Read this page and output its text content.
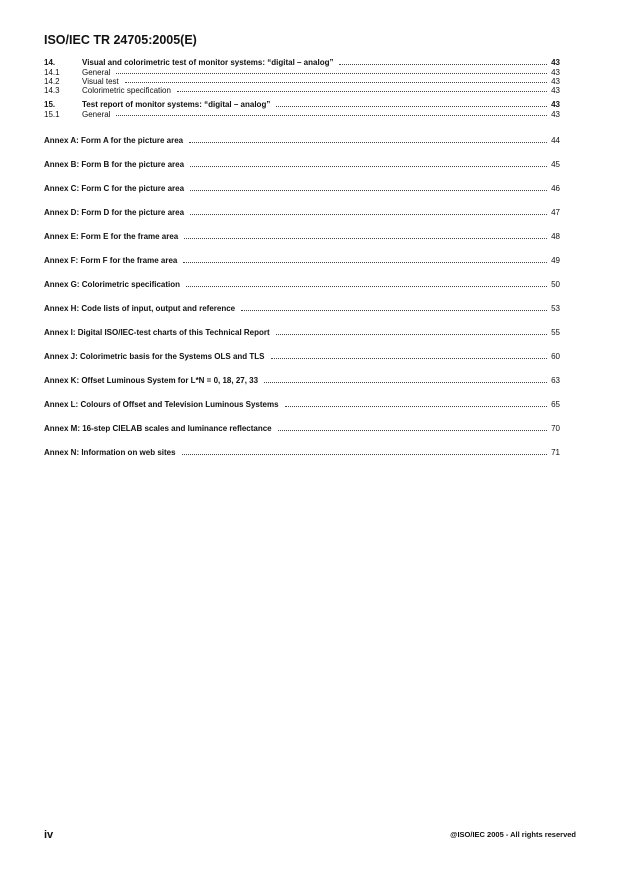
ISO/IEC TR 24705:2005(E)
14.	Visual and colorimetric test of monitor systems: “digital – analog”	43
14.1	General	43
14.2	Visual test	43
14.3	Colorimetric specification	43
15.	Test report of monitor systems: “digital – analog”	43
15.1	General	43
Annex A: Form A for the picture area	44
Annex B: Form B for the picture area	45
Annex C: Form C for the picture area	46
Annex D: Form D for the picture area	47
Annex E: Form E for the frame area	48
Annex F: Form F for the frame area	49
Annex G: Colorimetric specification	50
Annex H: Code lists of input, output and reference	53
Annex I: Digital ISO/IEC-test charts of this Technical Report	55
Annex J: Colorimetric basis for the Systems OLS and TLS	60
Annex K: Offset Luminous System for L*N = 0, 18, 27, 33	63
Annex L: Colours of Offset and Television Luminous Systems	65
Annex M: 16-step CIELAB scales and luminance reflectance	70
Annex N: Information on web sites	71
iv	@ISO/IEC 2005 - All rights reserved
